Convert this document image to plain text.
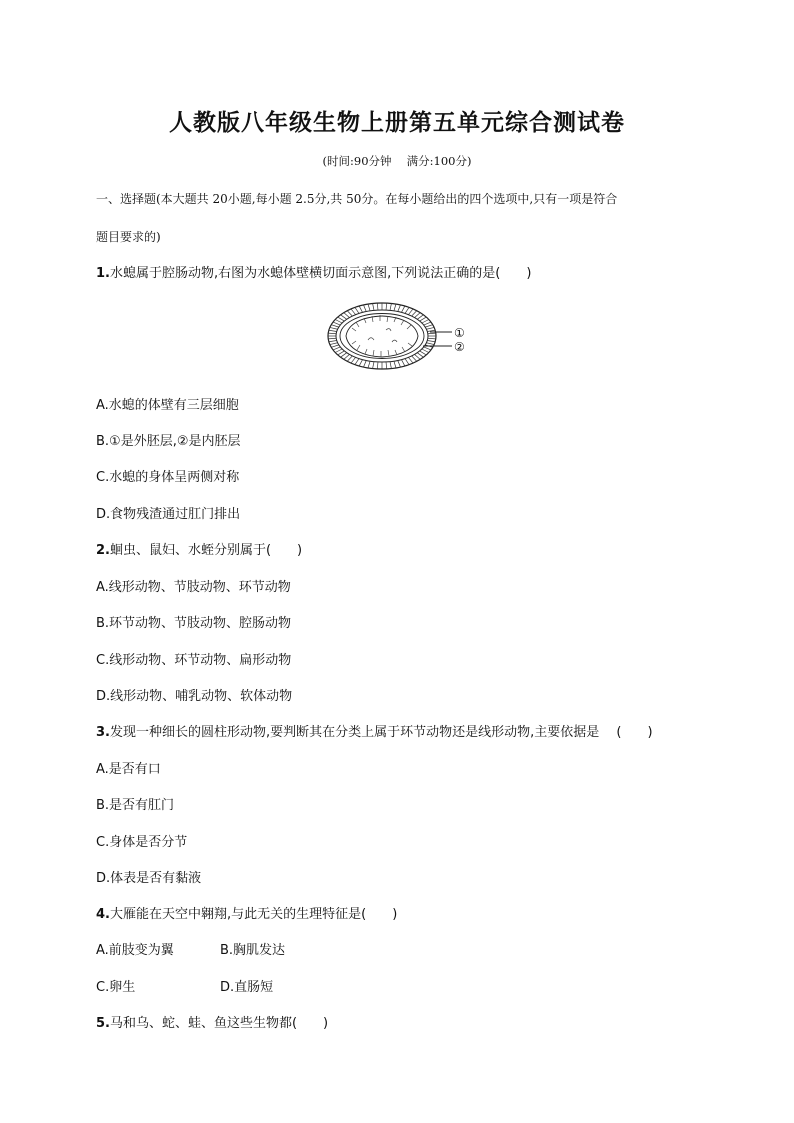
人教版八年级生物上册第五单元综合测试卷
(时间:90分钟　 满分:100分)
一、选择题(本大题共 20小题,每小题 2.5分,共 50分。在每小题给出的四个选项中,只有一项是符合
题目要求的)
1.水螅属于腔肠动物,右图为水螅体壁横切面示意图,下列说法正确的是(　　)
①
②
A.水螅的体壁有三层细胞
B.①是外胚层,②是内胚层
C.水螅的身体呈两侧对称
D.食物残渣通过肛门排出
2.蛔虫、鼠妇、水蛭分别属于(　　)
A.线形动物、节肢动物、环节动物
B.环节动物、节肢动物、腔肠动物
C.线形动物、环节动物、扁形动物
D.线形动物、哺乳动物、软体动物
3.发现一种细长的圆柱形动物,要判断其在分类上属于环节动物还是线形动物,主要依据是　 (　　)
A.是否有口
B.是否有肛门
C.身体是否分节
D.体表是否有黏液
4.大雁能在天空中翱翔,与此无关的生理特征是(　　)
A.前肢变为翼	B.胸肌发达
C.卵生	D.直肠短
5.马和乌、蛇、蛙、鱼这些生物都(　　)
